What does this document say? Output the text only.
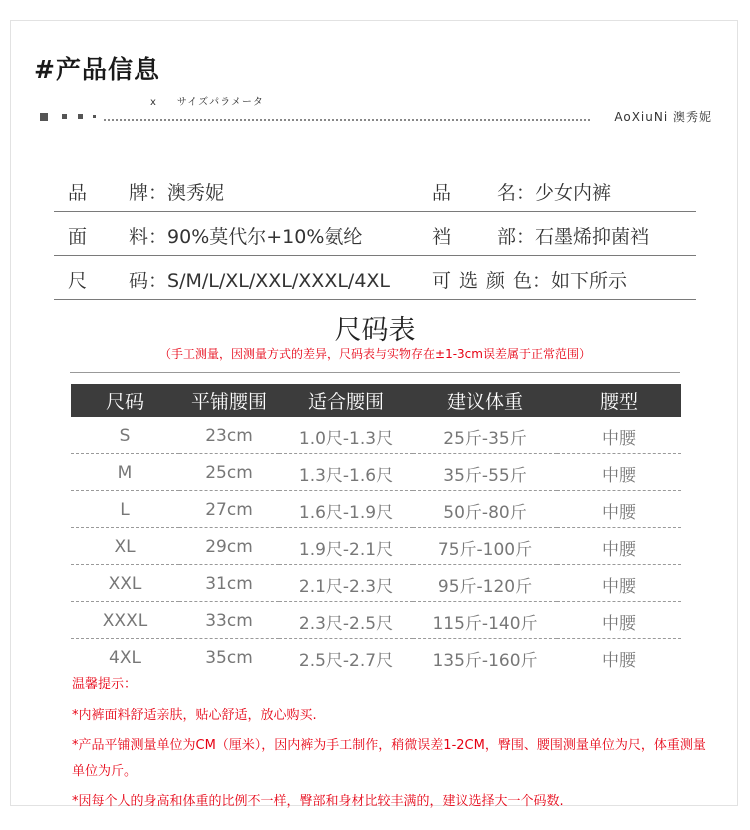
#产品信息
x サイズパラメータ
AoXiuNi 澳秀妮
品牌：澳秀妮	品名：少女内裤
面料：90%莫代尔+10%氨纶	裆部：石墨烯抑菌裆
尺码：S/M/L/XL/XXL/XXXL/4XL 可选颜色：如下所示
尺码表
（手工测量，因测量方式的差异，尺码表与实物存在±1-3cm误差属于正常范围）
尺码	平铺腰围	适合腰围	建议体重	腰型
S	23cm	1.0尺-1.3尺	25斤-35斤	中腰
M	25cm	1.3尺-1.6尺	35斤-55斤	中腰
L	27cm	1.6尺-1.9尺	50斤-80斤	中腰
XL	29cm	1.9尺-2.1尺	75斤-100斤	中腰
XXL	31cm	2.1尺-2.3尺	95斤-120斤	中腰
XXXL	33cm	2.3尺-2.5尺	115斤-140斤	中腰
4XL	35cm	2.5尺-2.7尺	135斤-160斤	中腰
温馨提示：
*内裤面料舒适亲肤，贴心舒适，放心购买.
*产品平铺测量单位为CM（厘米），因内裤为手工制作，稍微误差1-2CM，臀围、腰围测量单位为尺，体重测量单位为斤。
*因每个人的身高和体重的比例不一样，臀部和身材比较丰满的，建议选择大一个码数.
